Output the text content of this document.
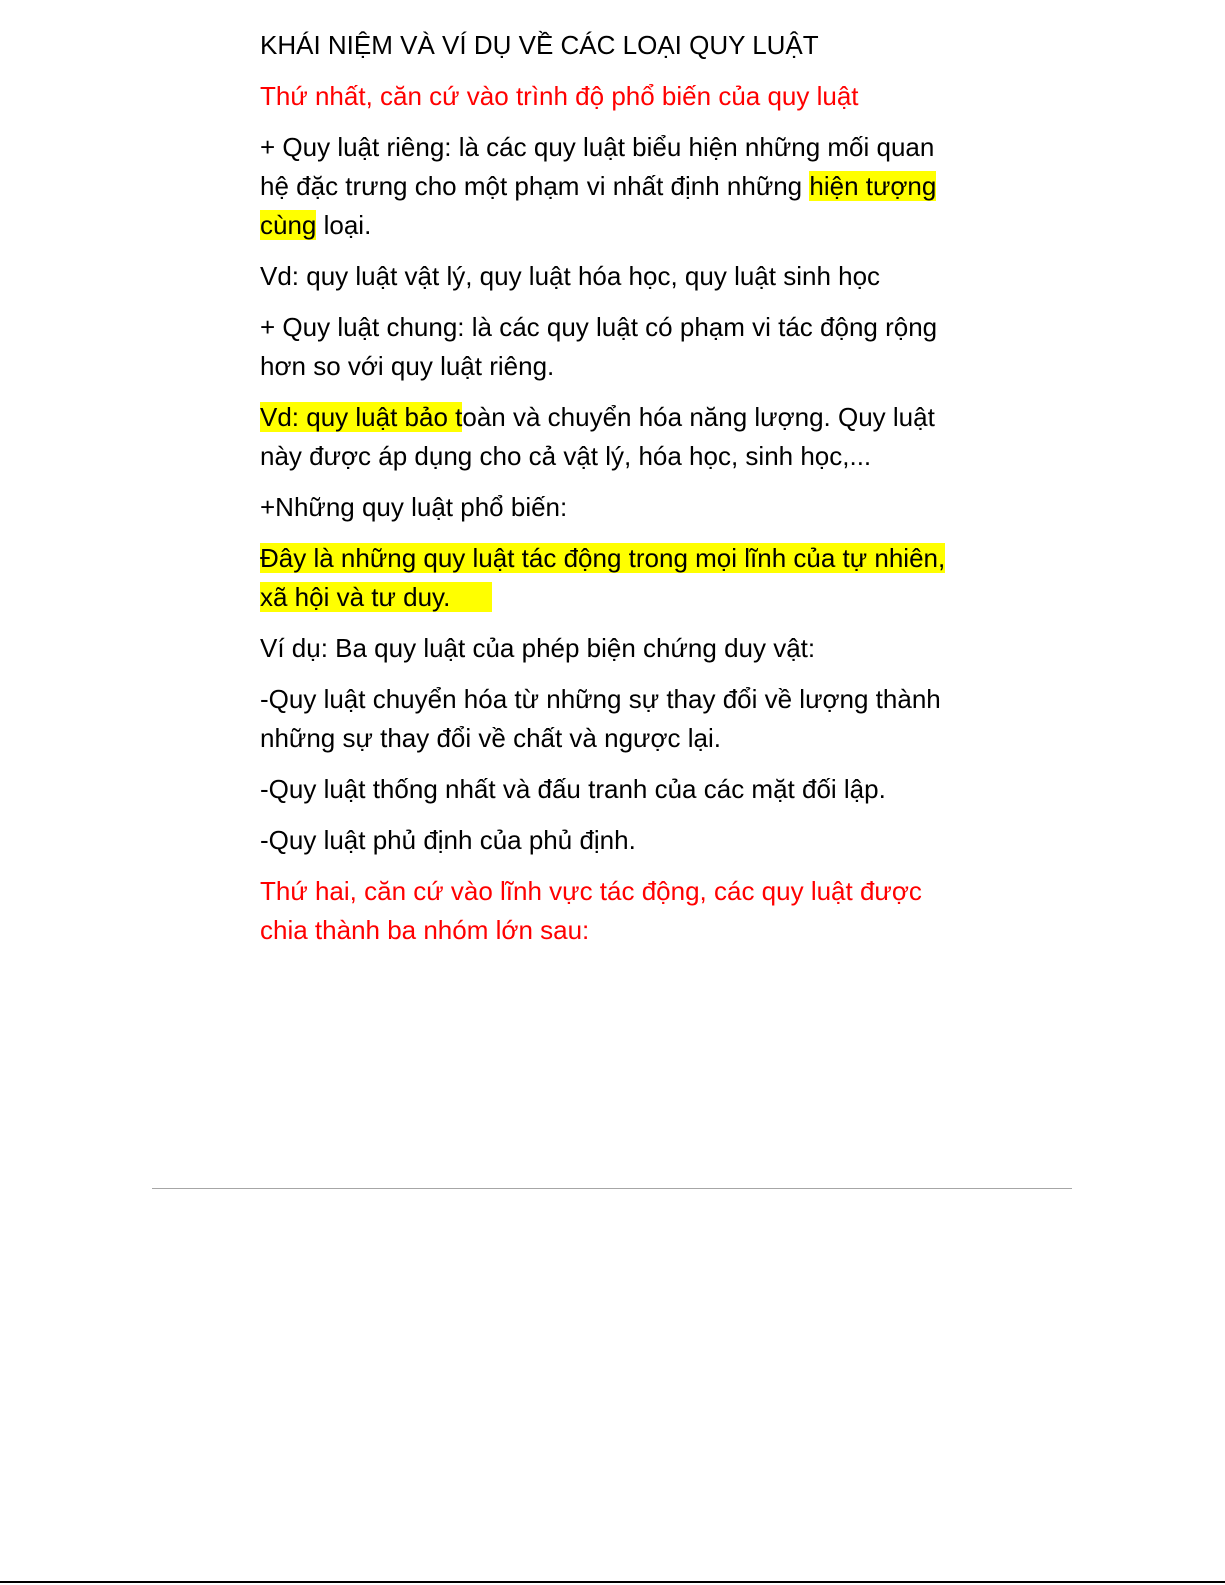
KHÁI NIỆM VÀ VÍ DỤ VỀ CÁC LOẠI QUY LUẬT

Thứ nhất, căn cứ vào trình độ phổ biến của quy luật

+ Quy luật riêng: là các quy luật biểu hiện những mối quan hệ đặc trưng cho một phạm vi nhất định những hiện tượng cùng loại.

Vd: quy luật vật lý, quy luật hóa học, quy luật sinh học

+ Quy luật chung: là các quy luật có phạm vi tác động rộng hơn so với quy luật riêng.

Vd: quy luật bảo toàn và chuyển hóa năng lượng. Quy luật này được áp dụng cho cả vật lý, hóa học, sinh học,...

+Những quy luật phổ biến:

Đây là những quy luật tác động trong mọi lĩnh của tự nhiên, xã hội và tư duy.

Ví dụ: Ba quy luật của phép biện chứng duy vật:

-Quy luật chuyển hóa từ những sự thay đổi về lượng thành những sự thay đổi về chất và ngược lại.

-Quy luật thống nhất và đấu tranh của các mặt đối lập.

-Quy luật phủ định của phủ định.

Thứ hai, căn cứ vào lĩnh vực tác động, các quy luật được chia thành ba nhóm lớn sau:
